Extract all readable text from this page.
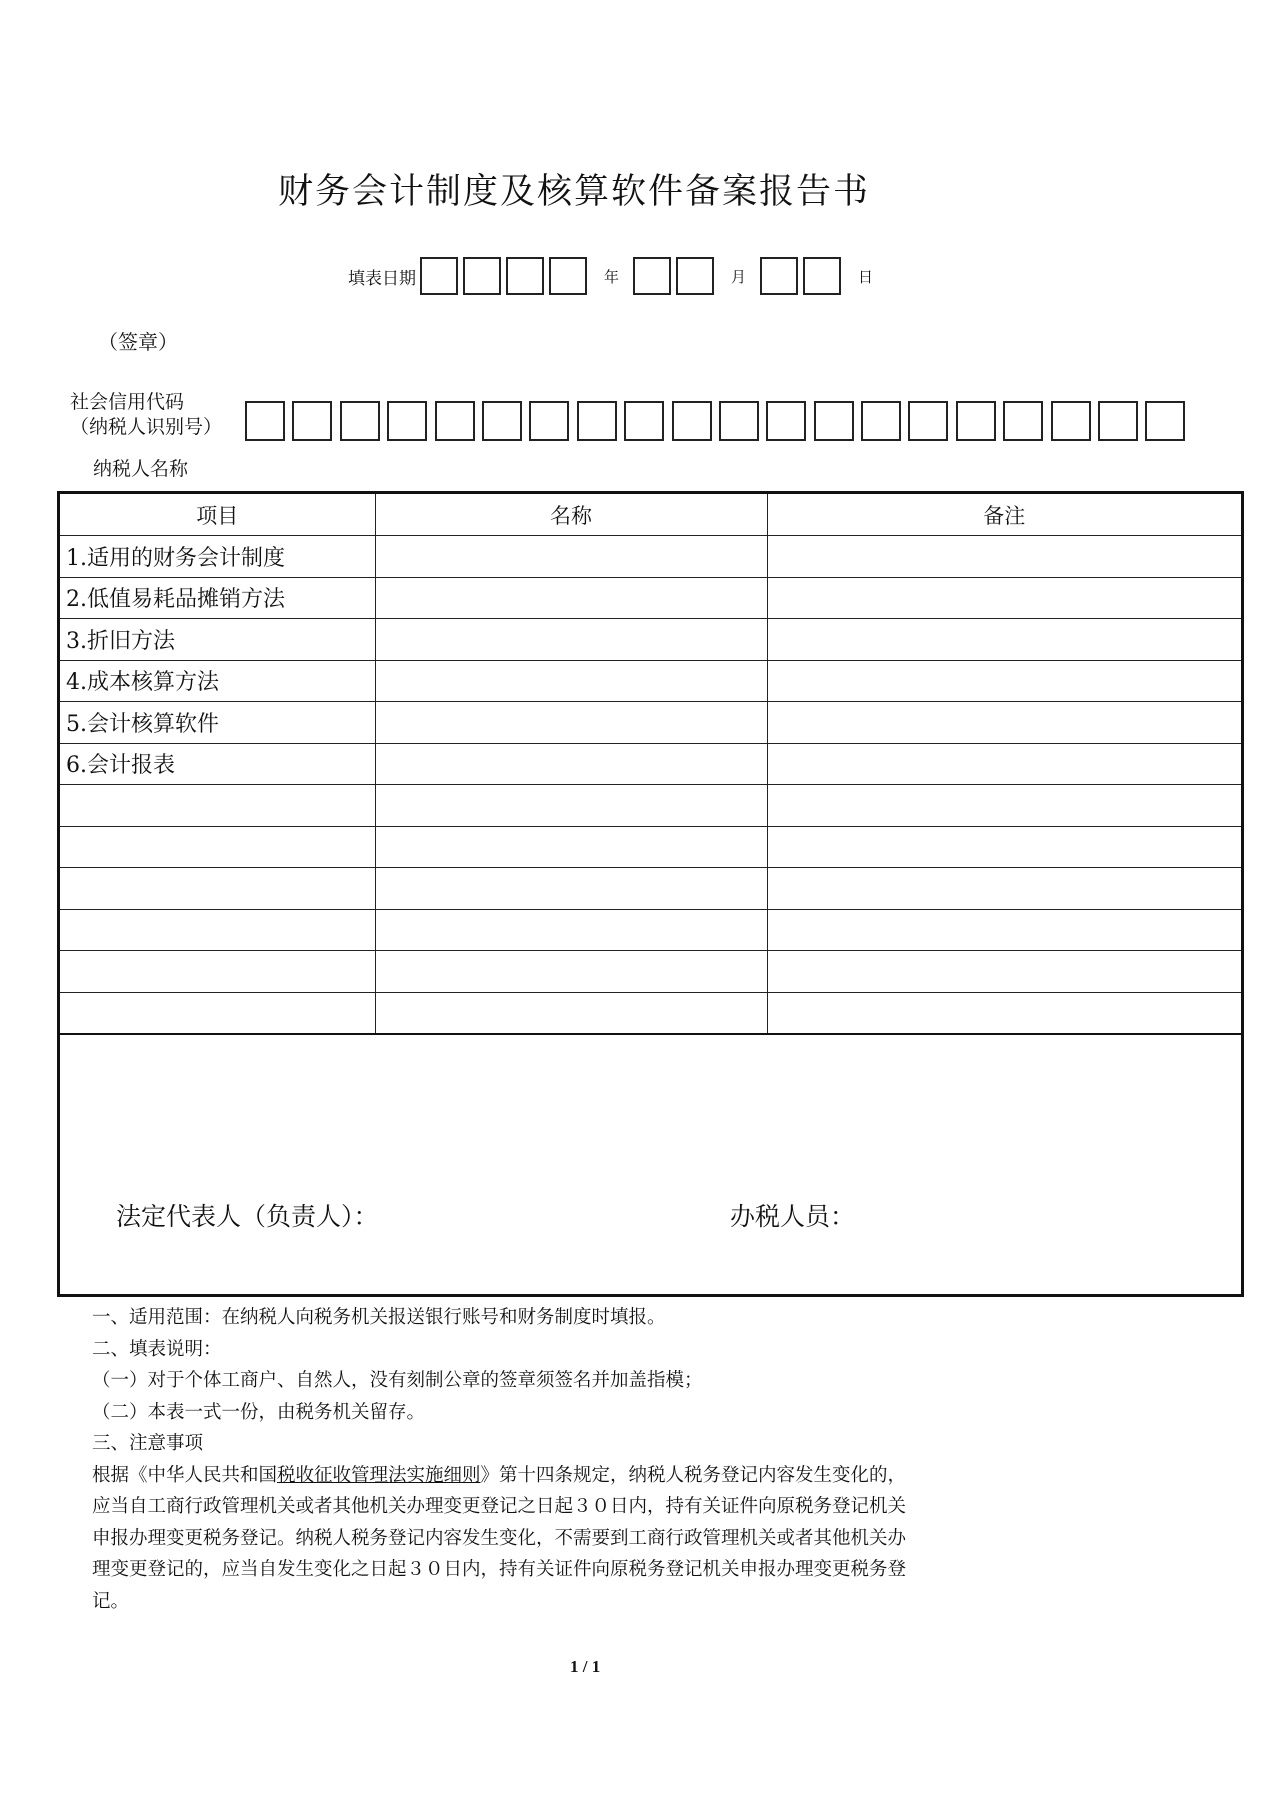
财务会计制度及核算软件备案报告书
填表日期	年	月	日
（签章）
社会信用代码
（纳税人识别号）
纳税人名称
项目	名称	备注
1.适用的财务会计制度		
2.低值易耗品摊销方法		
3.折旧方法		
4.成本核算方法		
5.会计核算软件		
6.会计报表		

法定代表人（负责人）：	办税人员：

一、适用范围：在纳税人向税务机关报送银行账号和财务制度时填报。

二、填表说明：

（一）对于个体工商户、自然人，没有刻制公章的签章须签名并加盖指模；

（二）本表一式一份，由税务机关留存。

三、注意事项

根据《中华人民共和国税收征收管理法实施细则》第十四条规定，纳税人税务登记内容发生变化的，

应当自工商行政管理机关或者其他机关办理变更登记之日起３０日内，持有关证件向原税务登记机关

申报办理变更税务登记。纳税人税务登记内容发生变化，不需要到工商行政管理机关或者其他机关办

理变更登记的，应当自发生变化之日起３０日内，持有关证件向原税务登记机关申报办理变更税务登

记。

1 / 1
